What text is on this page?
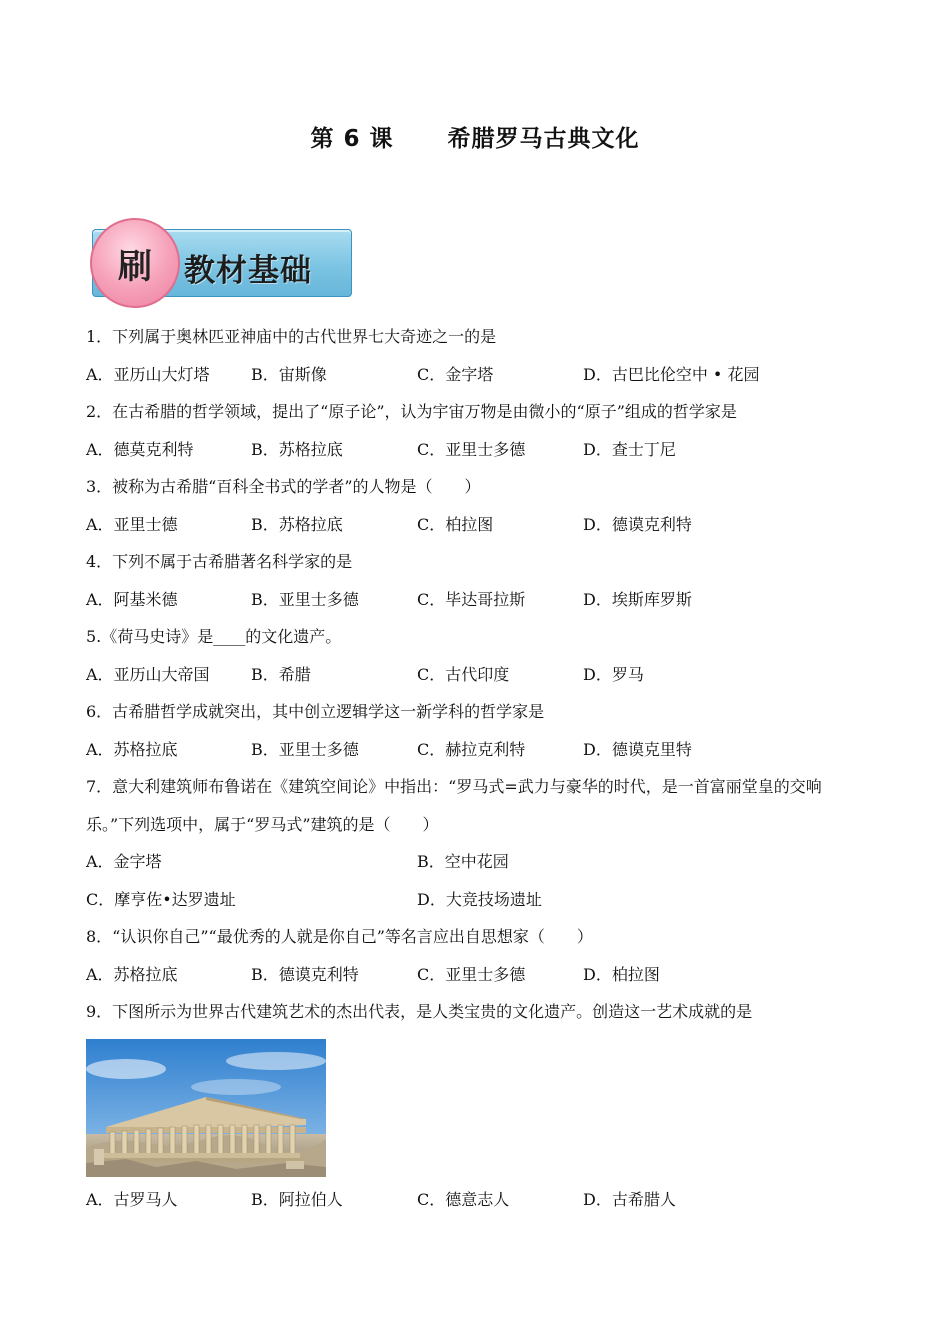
第 6 课      希腊罗马古典文化
刷	教材基础
1．下列属于奥林匹亚神庙中的古代世界七大奇迹之一的是
A．亚历山大灯塔	B．宙斯像	C．金字塔	D．古巴比伦空中 • 花园
2．在古希腊的哲学领域，提出了“原子论”，认为宇宙万物是由微小的“原子”组成的哲学家是
A．德莫克利特	B．苏格拉底	C．亚里士多德	D．查士丁尼
3．被称为古希腊“百科全书式的学者”的人物是（　　）
A．亚里士德	B．苏格拉底	C．柏拉图	D．德谟克利特
4．下列不属于古希腊著名科学家的是
A．阿基米德	B．亚里士多德	C．毕达哥拉斯	D．埃斯库罗斯
5.《荷马史诗》是____的文化遗产。
A．亚历山大帝国	B．希腊	C．古代印度	D．罗马
6．古希腊哲学成就突出，其中创立逻辑学这一新学科的哲学家是
A．苏格拉底	B．亚里士多德	C．赫拉克利特	D．德谟克里特
7．意大利建筑师布鲁诺在《建筑空间论》中指出：“罗马式=武力与豪华的时代，是一首富丽堂皇的交响乐。”下列选项中，属于“罗马式”建筑的是（　　）
A．金字塔	B．空中花园
C．摩亨佐•达罗遗址	D．大竞技场遗址
8．“认识你自己”“最优秀的人就是你自己”等名言应出自思想家（　　）
A．苏格拉底	B．德谟克利特	C．亚里士多德	D．柏拉图
9．下图所示为世界古代建筑艺术的杰出代表，是人类宝贵的文化遗产。创造这一艺术成就的是
A．古罗马人	B．阿拉伯人	C．德意志人	D．古希腊人
